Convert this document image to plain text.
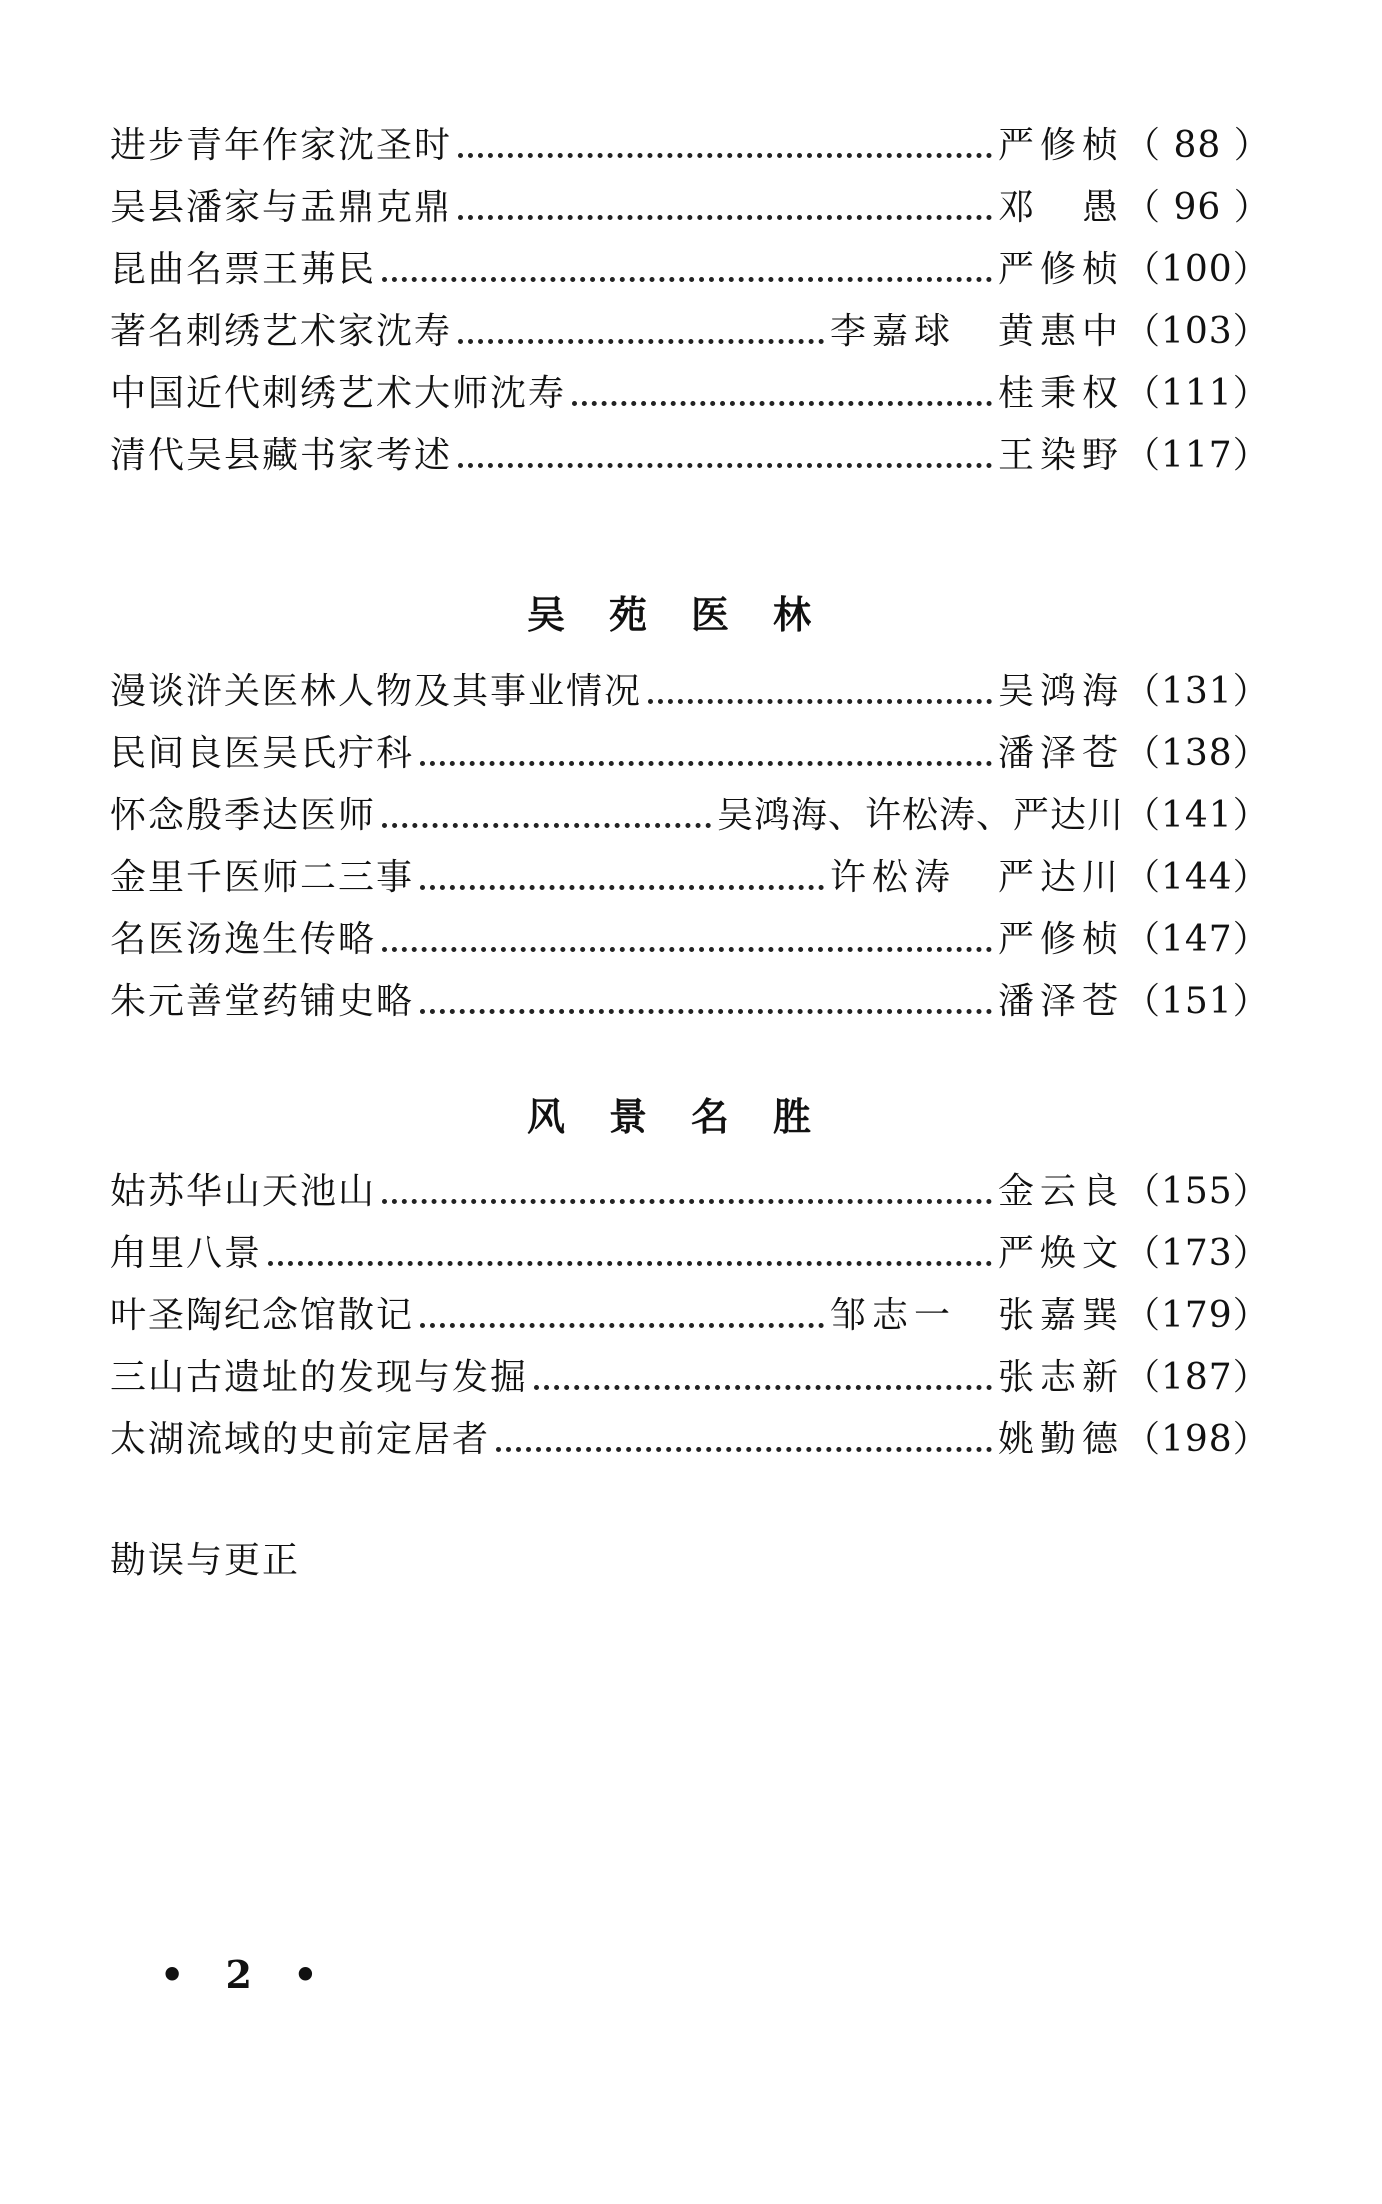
进步青年作家沈圣时	严修桢 （ 88 ）
吴县潘家与盂鼎克鼎	邓　愚 （ 96 ）
昆曲名票王茀民	严修桢 （100）
著名刺绣艺术家沈寿	李嘉球　黄惠中 （103）
中国近代刺绣艺术大师沈寿	桂秉权 （111）
清代吴县藏书家考述	王染野 （117）
吴苑医林
漫谈浒关医林人物及其事业情况	吴鸿海 （131）
民间良医吴氏疔科	潘泽苍 （138）
怀念殷季达医师	吴鸿海、许松涛、严达川 （141）
金里千医师二三事	许松涛　严达川 （144）
名医汤逸生传略	严修桢 （147）
朱元善堂药铺史略	潘泽苍 （151）
风景名胜
姑苏华山天池山	金云良 （155）
甪里八景	严焕文 （173）
叶圣陶纪念馆散记	邹志一　张嘉巽 （179）
三山古遗址的发现与发掘	张志新 （187）
太湖流域的史前定居者	姚勤德 （198）
勘误与更正
• 2 •
